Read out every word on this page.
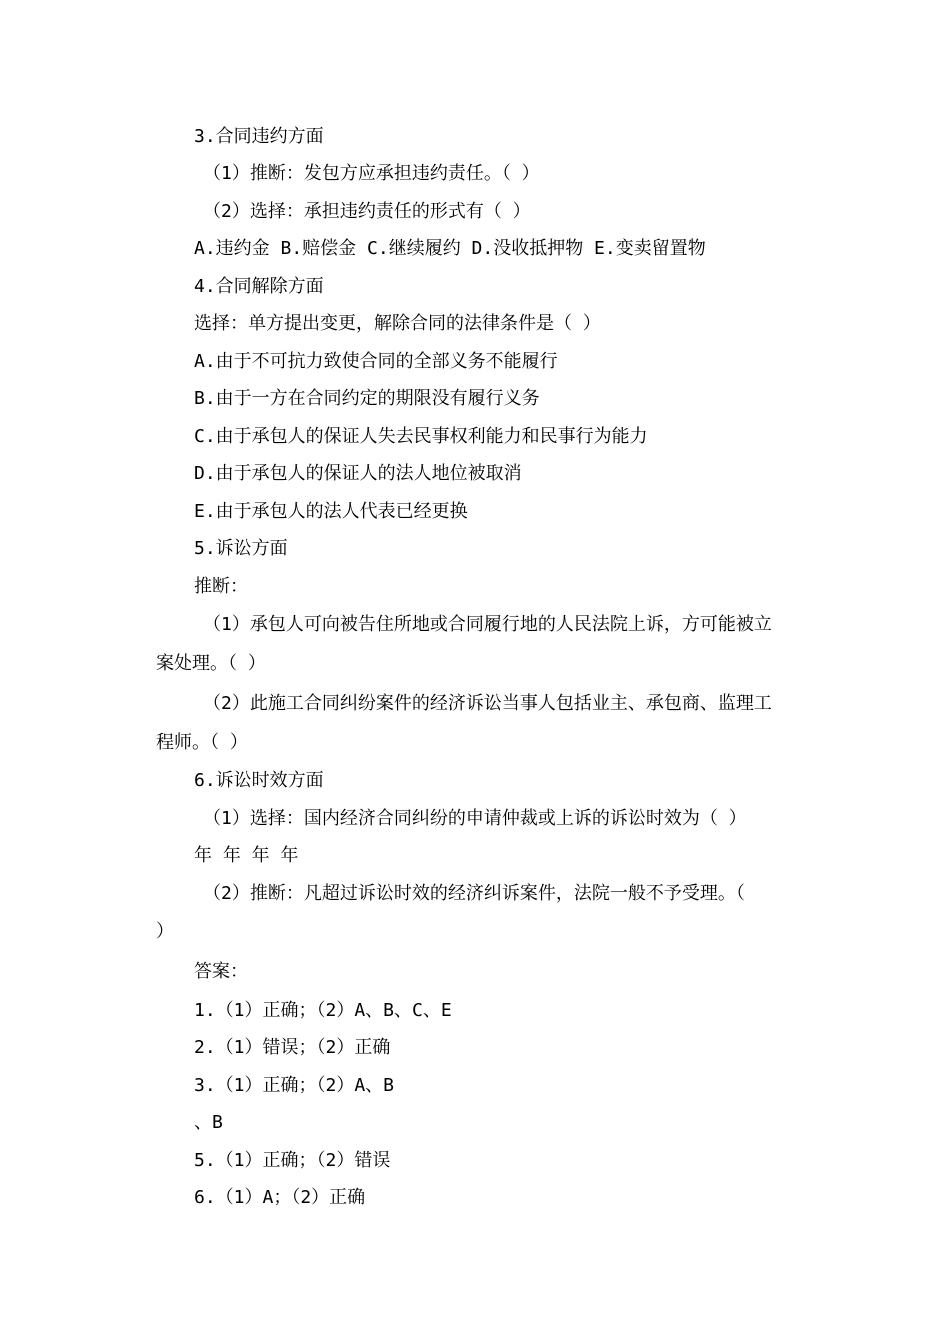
3.合同违约方面
（1）推断：发包方应承担违约责任。（ ）
（2）选择：承担违约责任的形式有（ ）
A.违约金 B.赔偿金 C.继续履约 D.没收抵押物 E.变卖留置物
4.合同解除方面
选择：单方提出变更，解除合同的法律条件是（ ）
A.由于不可抗力致使合同的全部义务不能履行
B.由于一方在合同约定的期限没有履行义务
C.由于承包人的保证人失去民事权利能力和民事行为能力
D.由于承包人的保证人的法人地位被取消
E.由于承包人的法人代表已经更换
5.诉讼方面
推断：
（1）承包人可向被告住所地或合同履行地的人民法院上诉，方可能被立
案处理。（ ）
（2）此施工合同纠纷案件的经济诉讼当事人包括业主、承包商、监理工
程师。（ ）
6.诉讼时效方面
（1）选择：国内经济合同纠纷的申请仲裁或上诉的诉讼时效为（ ）
年 年 年 年
（2）推断：凡超过诉讼时效的经济纠诉案件，法院一般不予受理。（
）
答案：
1.（1）正确；（2）A、B、C、E
2.（1）错误；（2）正确
3.（1）正确；（2）A、B
、B
5.（1）正确；（2）错误
6.（1）A；（2）正确
